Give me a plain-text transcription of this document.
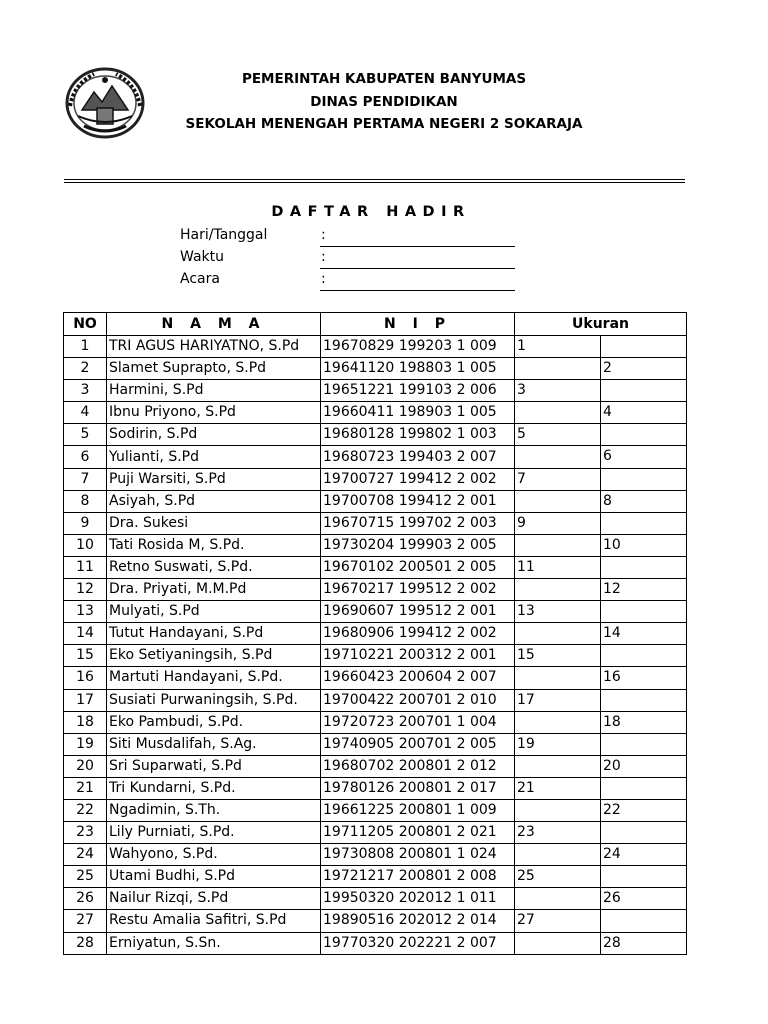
PEMERINTAH KABUPATEN BANYUMAS
DINAS PENDIDIKAN
SEKOLAH MENENGAH PERTAMA NEGERI 2 SOKARAJA
DAFTAR HADIR
Hari/Tanggal	:
Waktu	:
Acara	:
NO	N A M A	N I P	Ukuran	
1	TRI AGUS HARIYATNO, S.Pd	19670829 199203 1 009	1	
2	Slamet Suprapto, S.Pd	19641120 198803 1 005		2
3	Harmini, S.Pd	19651221 199103 2 006	3	
4	Ibnu Priyono, S.Pd	19660411 198903 1 005		4
5	Sodirin, S.Pd	19680128 199802 1 003	5	
6	Yulianti, S.Pd	19680723 199403 2 007		6
7	Puji Warsiti, S.Pd	19700727 199412 2 002	7	
8	Asiyah, S.Pd	19700708 199412 2 001		8
9	Dra. Sukesi	19670715 199702 2 003	9	
10	Tati Rosida M, S.Pd.	19730204 199903 2 005		10
11	Retno Suswati, S.Pd.	19670102 200501 2 005	11	
12	Dra. Priyati, M.M.Pd	19670217 199512 2 002		12
13	Mulyati, S.Pd	19690607 199512 2 001	13	
14	Tutut Handayani, S.Pd	19680906 199412 2 002		14
15	Eko Setiyaningsih, S.Pd	19710221 200312 2 001	15	
16	Martuti Handayani, S.Pd.	19660423 200604 2 007		16
17	Susiati Purwaningsih, S.Pd.	19700422 200701 2 010	17	
18	Eko Pambudi, S.Pd.	19720723 200701 1 004		18
19	Siti Musdalifah, S.Ag.	19740905 200701 2 005	19	
20	Sri Suparwati, S.Pd	19680702 200801 2 012		20
21	Tri Kundarni, S.Pd.	19780126 200801 2 017	21	
22	Ngadimin, S.Th.	19661225 200801 1 009		22
23	Lily Purniati, S.Pd.	19711205 200801 2 021	23	
24	Wahyono, S.Pd.	19730808 200801 1 024		24
25	Utami Budhi, S.Pd	19721217 200801 2 008	25	
26	Nailur Rizqi, S.Pd	19950320 202012 1 011		26
27	Restu Amalia Safitri, S.Pd	19890516 202012 2 014	27	
28	Erniyatun, S.Sn.	19770320 202221 2 007		28
